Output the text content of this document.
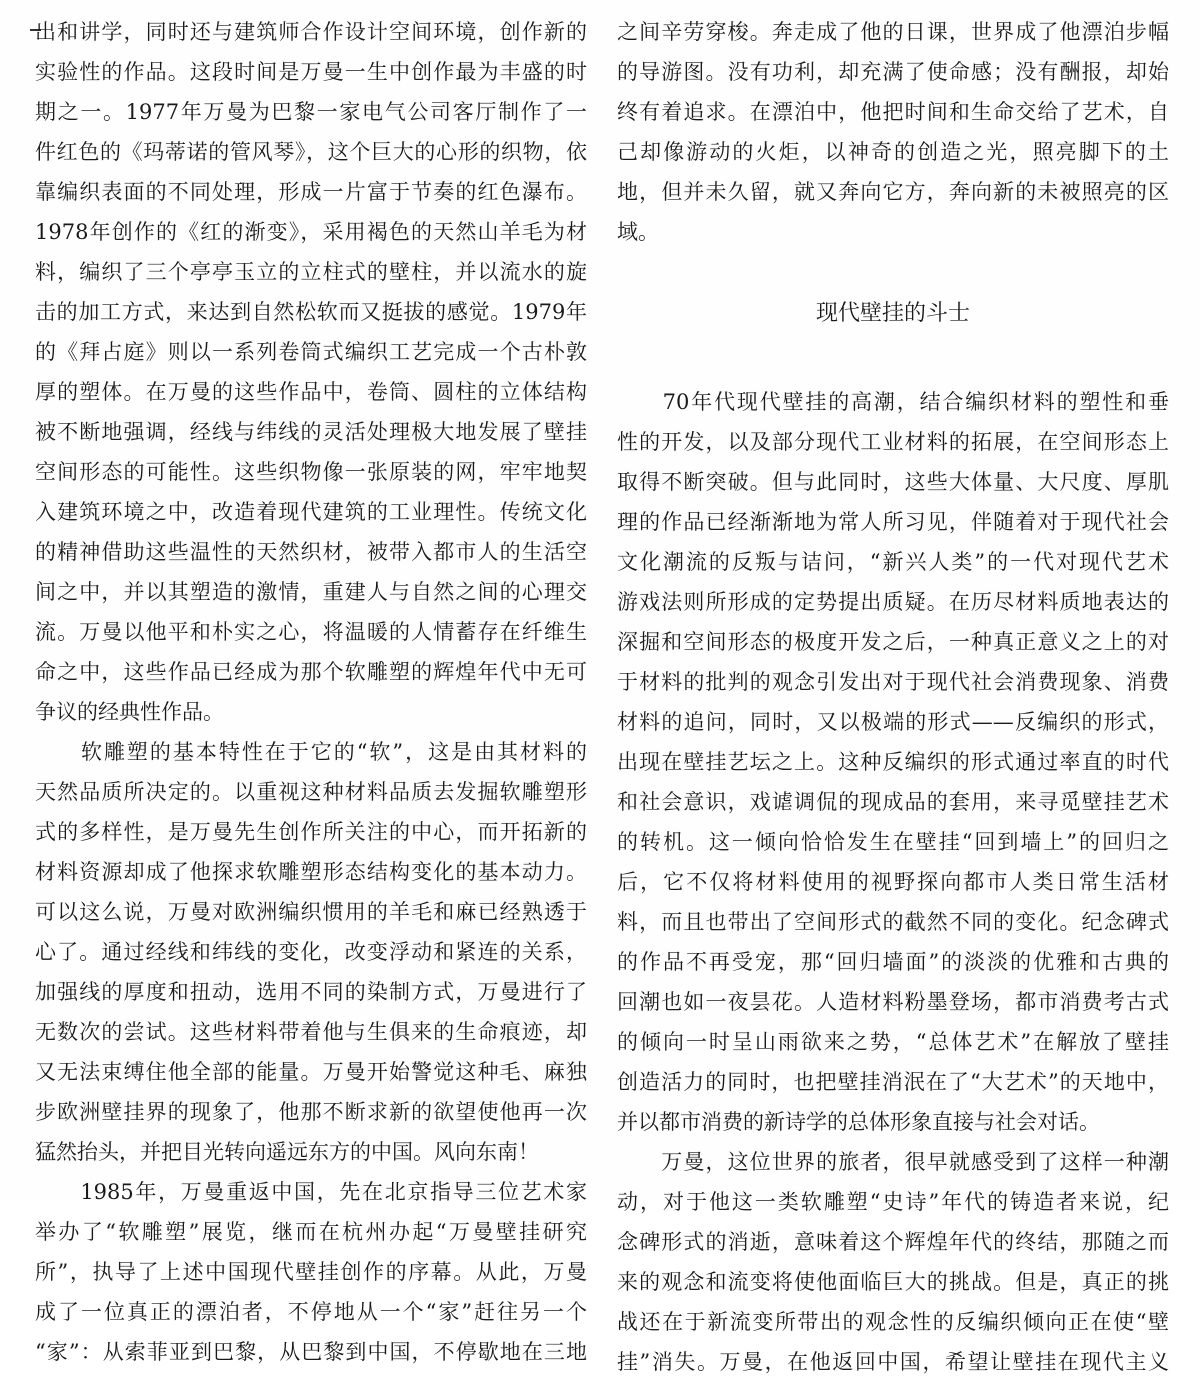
出和讲学，同时还与建筑师合作设计空间环境，创作新的
实验性的作品。这段时间是万曼一生中创作最为丰盛的时
期之一。1977年万曼为巴黎一家电气公司客厅制作了一
件红色的《玛蒂诺的管风琴》，这个巨大的心形的织物，依
靠编织表面的不同处理，形成一片富于节奏的红色瀑布。
1978年创作的《红的渐变》，采用褐色的天然山羊毛为材
料，编织了三个亭亭玉立的立柱式的壁柱，并以流水的旋
击的加工方式，来达到自然松软而又挺拔的感觉。1979年
的《拜占庭》则以一系列卷筒式编织工艺完成一个古朴敦
厚的塑体。在万曼的这些作品中，卷筒、圆柱的立体结构
被不断地强调，经线与纬线的灵活处理极大地发展了壁挂
空间形态的可能性。这些织物像一张原装的网，牢牢地契
入建筑环境之中，改造着现代建筑的工业理性。传统文化
的精神借助这些温性的天然织材，被带入都市人的生活空
间之中，并以其塑造的激情，重建人与自然之间的心理交
流。万曼以他平和朴实之心，将温暖的人情蓄存在纤维生
命之中，这些作品已经成为那个软雕塑的辉煌年代中无可
争议的经典性作品。
　　软雕塑的基本特性在于它的“软”，这是由其材料的
天然品质所决定的。以重视这种材料品质去发掘软雕塑形
式的多样性，是万曼先生创作所关注的中心，而开拓新的
材料资源却成了他探求软雕塑形态结构变化的基本动力。
可以这么说，万曼对欧洲编织惯用的羊毛和麻已经熟透于
心了。通过经线和纬线的变化，改变浮动和紧连的关系，
加强线的厚度和扭动，选用不同的染制方式，万曼进行了
无数次的尝试。这些材料带着他与生俱来的生命痕迹，却
又无法束缚住他全部的能量。万曼开始警觉这种毛、麻独
步欧洲壁挂界的现象了，他那不断求新的欲望使他再一次
猛然抬头，并把目光转向遥远东方的中国。风向东南！
　　1985年，万曼重返中国，先在北京指导三位艺术家
举办了“软雕塑”展览，继而在杭州办起“万曼壁挂研究
所”，执导了上述中国现代壁挂创作的序幕。从此，万曼
成了一位真正的漂泊者，不停地从一个“家”赶往另一个
“家”：从索菲亚到巴黎，从巴黎到中国，不停歇地在三地
之间辛劳穿梭。奔走成了他的日课，世界成了他漂泊步幅
的导游图。没有功利，却充满了使命感；没有酬报，却始
终有着追求。在漂泊中，他把时间和生命交给了艺术，自
己却像游动的火炬，以神奇的创造之光，照亮脚下的土
地，但并未久留，就又奔向它方，奔向新的未被照亮的区
域。
现代壁挂的斗士
　　70年代现代壁挂的高潮，结合编织材料的塑性和垂
性的开发，以及部分现代工业材料的拓展，在空间形态上
取得不断突破。但与此同时，这些大体量、大尺度、厚肌
理的作品已经渐渐地为常人所习见，伴随着对于现代社会
文化潮流的反叛与诘问，“新兴人类”的一代对现代艺术
游戏法则所形成的定势提出质疑。在历尽材料质地表达的
深掘和空间形态的极度开发之后，一种真正意义之上的对
于材料的批判的观念引发出对于现代社会消费现象、消费
材料的追问，同时，又以极端的形式——反编织的形式，
出现在壁挂艺坛之上。这种反编织的形式通过率直的时代
和社会意识，戏谑调侃的现成品的套用，来寻觅壁挂艺术
的转机。这一倾向恰恰发生在壁挂“回到墙上”的回归之
后，它不仅将材料使用的视野探向都市人类日常生活材
料，而且也带出了空间形式的截然不同的变化。纪念碑式
的作品不再受宠，那“回归墙面”的淡淡的优雅和古典的
回潮也如一夜昙花。人造材料粉墨登场，都市消费考古式
的倾向一时呈山雨欲来之势，“总体艺术”在解放了壁挂
创造活力的同时，也把壁挂消泯在了“大艺术”的天地中，
并以都市消费的新诗学的总体形象直接与社会对话。
　　万曼，这位世界的旅者，很早就感受到了这样一种潮
动，对于他这一类软雕塑“史诗”年代的铸造者来说，纪
念碑形式的消逝，意味着这个辉煌年代的终结，那随之而
来的观念和流变将使他面临巨大的挑战。但是，真正的挑
战还在于新流变所带出的观念性的反编织倾向正在使“壁
挂”消失。万曼，在他返回中国，希望让壁挂在现代主义
